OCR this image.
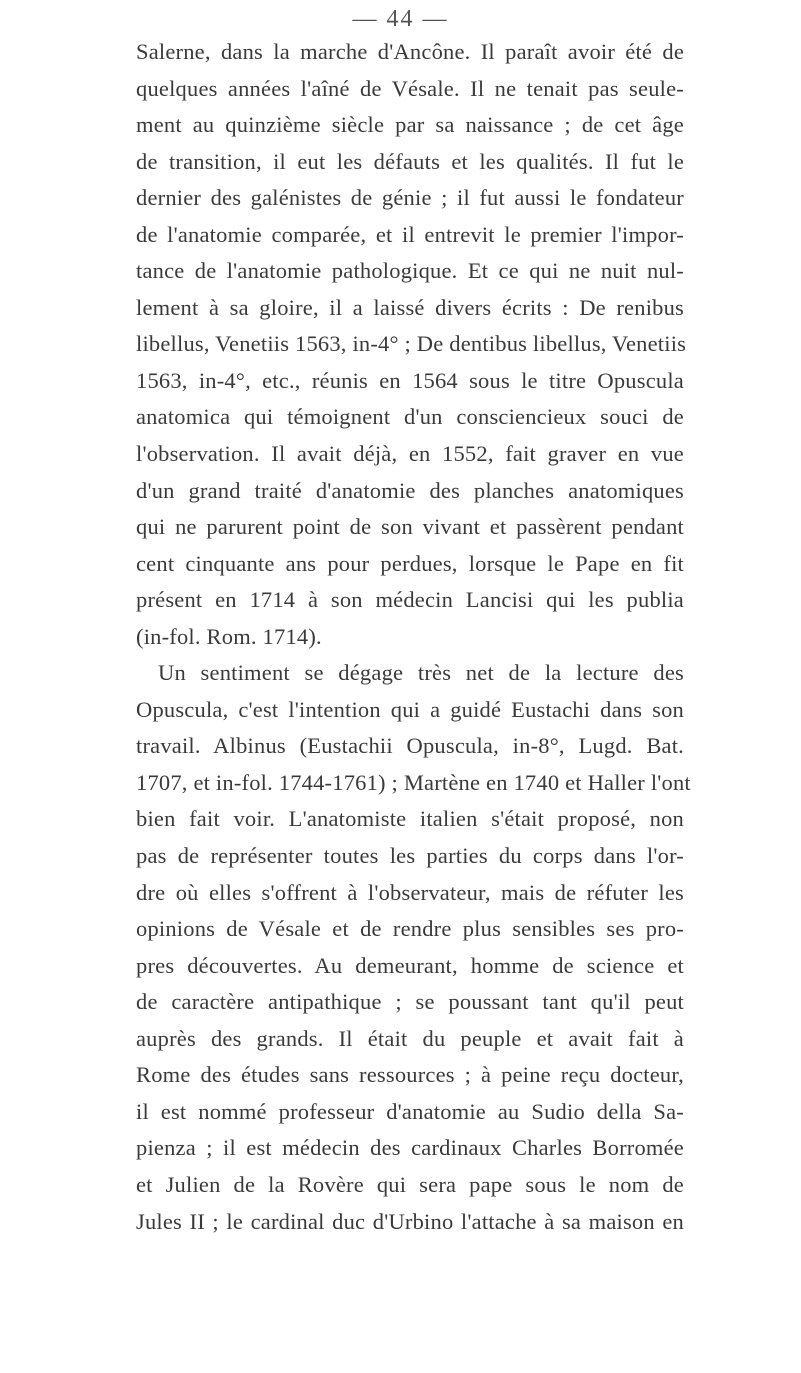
— 44 —
Salerne, dans la marche d'Ancône. Il paraît avoir été de
quelques années l'aîné de Vésale. Il ne tenait pas seule-
ment au quinzième siècle par sa naissance ; de cet âge
de transition, il eut les défauts et les qualités. Il fut le
dernier des galénistes de génie ; il fut aussi le fondateur
de l'anatomie comparée, et il entrevit le premier l'impor-
tance de l'anatomie pathologique. Et ce qui ne nuit nul-
lement à sa gloire, il a laissé divers écrits : De renibus
libellus, Venetiis 1563, in-4° ; De dentibus libellus, Venetiis
1563, in-4°, etc., réunis en 1564 sous le titre Opuscula
anatomica qui témoignent d'un consciencieux souci de
l'observation. Il avait déjà, en 1552, fait graver en vue
d'un grand traité d'anatomie des planches anatomiques
qui ne parurent point de son vivant et passèrent pendant
cent cinquante ans pour perdues, lorsque le Pape en fit
présent en 1714 à son médecin Lancisi qui les publia
(in-fol. Rom. 1714).
Un sentiment se dégage très net de la lecture des
Opuscula, c'est l'intention qui a guidé Eustachi dans son
travail. Albinus (Eustachii Opuscula, in-8°, Lugd. Bat.
1707, et in-fol. 1744-1761) ; Martène en 1740 et Haller l'ont
bien fait voir. L'anatomiste italien s'était proposé, non
pas de représenter toutes les parties du corps dans l'or-
dre où elles s'offrent à l'observateur, mais de réfuter les
opinions de Vésale et de rendre plus sensibles ses pro-
pres découvertes. Au demeurant, homme de science et
de caractère antipathique ; se poussant tant qu'il peut
auprès des grands. Il était du peuple et avait fait à
Rome des études sans ressources ; à peine reçu docteur,
il est nommé professeur d'anatomie au Sudio della Sa-
pienza ; il est médecin des cardinaux Charles Borromée
et Julien de la Rovère qui sera pape sous le nom de
Jules II ; le cardinal duc d'Urbino l'attache à sa maison en
